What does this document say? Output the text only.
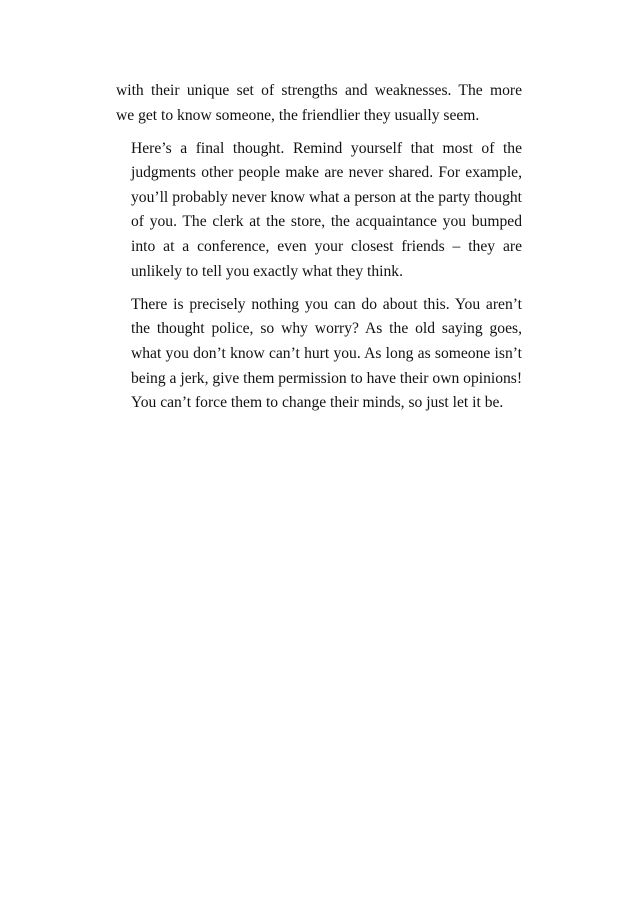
with their unique set of strengths and weaknesses. The more
we get to know someone, the friendlier they usually seem.

Here’s a final thought. Remind yourself that most of the
judgments other people make are never shared. For example,
you’ll probably never know what a person at the party thought
of you. The clerk at the store, the acquaintance you bumped
into at a conference, even your closest friends – they are
unlikely to tell you exactly what they think.

There is precisely nothing you can do about this. You aren’t
the thought police, so why worry? As the old saying goes,
what you don’t know can’t hurt you. As long as someone isn’t
being a jerk, give them permission to have their own opinions!
You can’t force them to change their minds, so just let it be.
